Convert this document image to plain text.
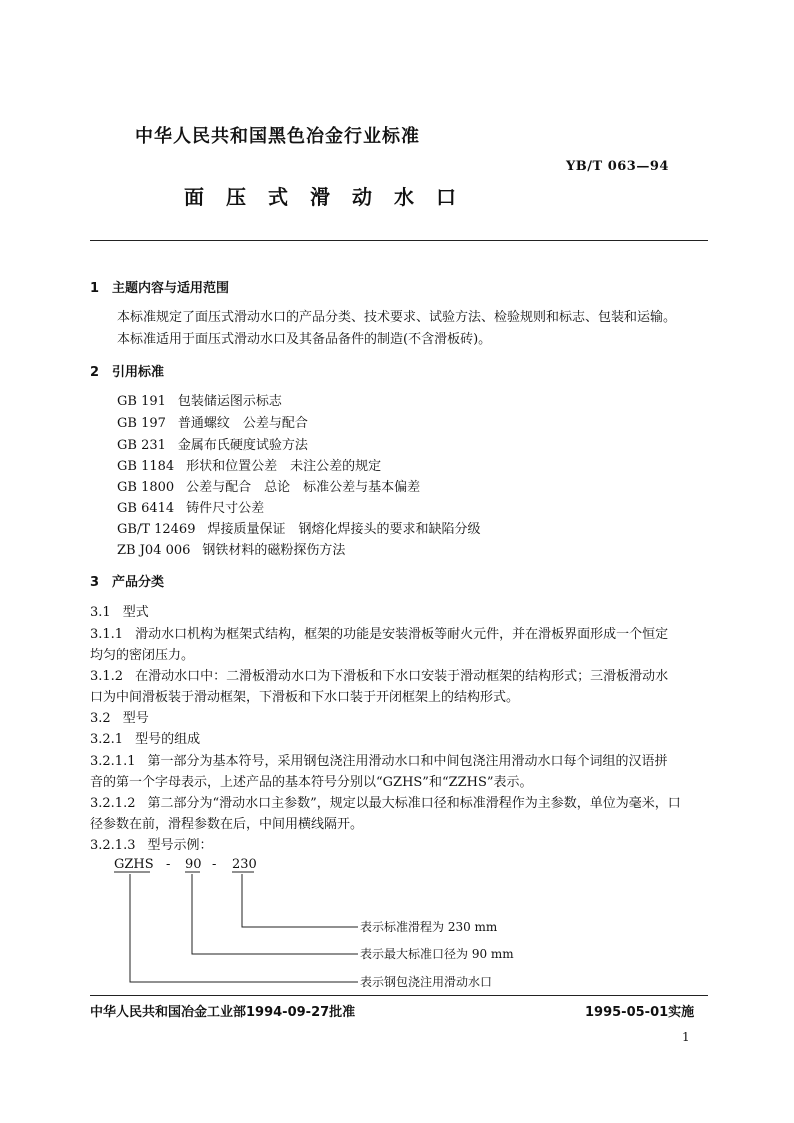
中华人民共和国黑色冶金行业标准
YB/T 063—94
面压式滑动水口
1 主题内容与适用范围
本标准规定了面压式滑动水口的产品分类、技术要求、试验方法、检验规则和标志、包装和运输。
本标准适用于面压式滑动水口及其备品备件的制造(不含滑板砖)。
2 引用标准
GB 191 包装储运图示标志
GB 197 普通螺纹　公差与配合
GB 231 金属布氏硬度试验方法
GB 1184 形状和位置公差　未注公差的规定
GB 1800 公差与配合　总论　标准公差与基本偏差
GB 6414 铸件尺寸公差
GB/T 12469 焊接质量保证　钢熔化焊接头的要求和缺陷分级
ZB J04 006 钢铁材料的磁粉探伤方法
3 产品分类
3.1 型式
3.1.1 滑动水口机构为框架式结构，框架的功能是安装滑板等耐火元件，并在滑板界面形成一个恒定
均匀的密闭压力。
3.1.2 在滑动水口中：二滑板滑动水口为下滑板和下水口安装于滑动框架的结构形式；三滑板滑动水
口为中间滑板装于滑动框架，下滑板和下水口装于开闭框架上的结构形式。
3.2 型号
3.2.1 型号的组成
3.2.1.1 第一部分为基本符号，采用钢包浇注用滑动水口和中间包浇注用滑动水口每个词组的汉语拼
音的第一个字母表示，上述产品的基本符号分别以“GZHS”和“ZZHS”表示。
3.2.1.2 第二部分为“滑动水口主参数”，规定以最大标准口径和标准滑程作为主参数，单位为毫米，口
径参数在前，滑程参数在后，中间用横线隔开。
3.2.1.3 型号示例：
GZHS - 90 - 230
表示标准滑程为 230 mm
表示最大标准口径为 90 mm
表示钢包浇注用滑动水口
中华人民共和国冶金工业部1994-09-27批准	1995-05-01实施
1
